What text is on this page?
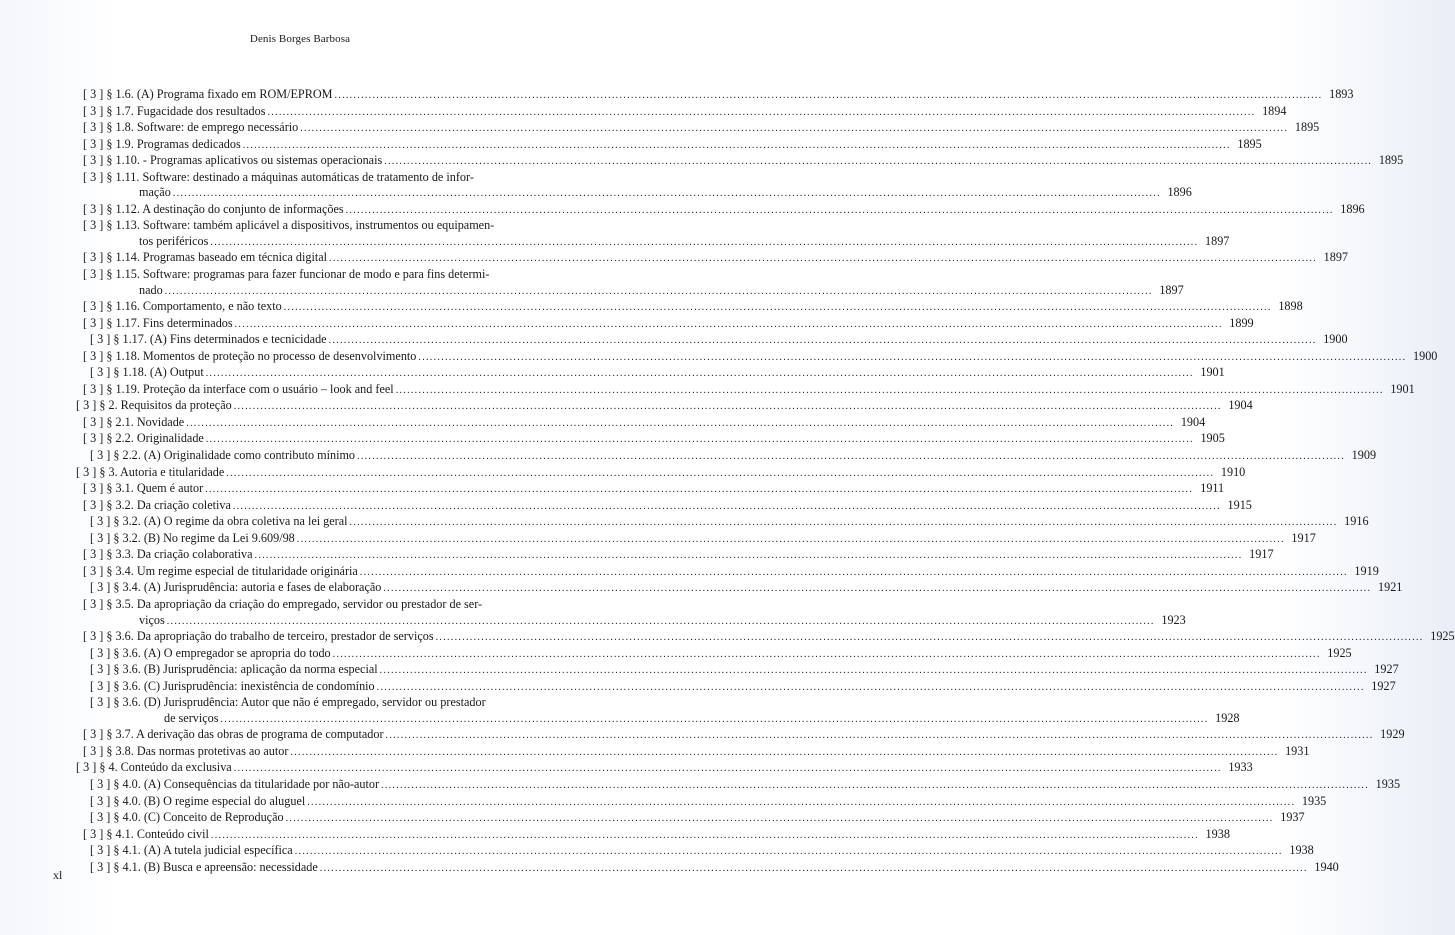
Denis Borges Barbosa
[ 3 ] § 1.6. (A) Programa fixado em ROM/EPROM .....	1893
[ 3 ] § 1.7. Fugacidade dos resultados .....	1894
[ 3 ] § 1.8. Software: de emprego necessário .....	1895
[ 3 ] § 1.9. Programas dedicados .....	1895
[ 3 ] § 1.10. - Programas aplicativos ou sistemas operacionais .....	1895
[ 3 ] § 1.11. Software: destinado a máquinas automáticas de tratamento de infor-
mação .....	1896
[ 3 ] § 1.12. A destinação do conjunto de informações .....	1896
[ 3 ] § 1.13. Software: também aplicável a dispositivos, instrumentos ou equipamen-
tos periféricos .....	1897
[ 3 ] § 1.14. Programas baseado em técnica digital .....	1897
[ 3 ] § 1.15. Software: programas para fazer funcionar de modo e para fins determi-
nado .....	1897
[ 3 ] § 1.16. Comportamento, e não texto .....	1898
[ 3 ] § 1.17. Fins determinados .....	1899
[ 3 ] § 1.17. (A) Fins determinados e tecnicidade .....	1900
[ 3 ] § 1.18. Momentos de proteção no processo de desenvolvimento .....	1900
[ 3 ] § 1.18. (A) Output .....	1901
[ 3 ] § 1.19. Proteção da interface com o usuário – look and feel .....	1901
[ 3 ] § 2. Requisitos da proteção .....	1904
[ 3 ] § 2.1. Novidade .....	1904
[ 3 ] § 2.2. Originalidade .....	1905
[ 3 ] § 2.2. (A) Originalidade como contributo mínimo .....	1909
[ 3 ] § 3. Autoria e titularidade .....	1910
[ 3 ] § 3.1. Quem é autor .....	1911
[ 3 ] § 3.2. Da criação coletiva .....	1915
[ 3 ] § 3.2. (A) O regime da obra coletiva na lei geral .....	1916
[ 3 ] § 3.2. (B) No regime da Lei 9.609/98 .....	1917
[ 3 ] § 3.3. Da criação colaborativa .....	1917
[ 3 ] § 3.4. Um regime especial de titularidade originária .....	1919
[ 3 ] § 3.4. (A) Jurisprudência: autoria e fases de elaboração .....	1921
[ 3 ] § 3.5. Da apropriação da criação do empregado, servidor ou prestador de ser-
viços .....	1923
[ 3 ] § 3.6. Da apropriação do trabalho de terceiro, prestador de serviços .....	1925
[ 3 ] § 3.6. (A) O empregador se apropria do todo .....	1925
[ 3 ] § 3.6. (B) Jurisprudência: aplicação da norma especial .....	1927
[ 3 ] § 3.6. (C) Jurisprudência: inexistência de condomínio .....	1927
[ 3 ] § 3.6. (D) Jurisprudência: Autor que não é empregado, servidor ou prestador
de serviços .....	1928
[ 3 ] § 3.7. A derivação das obras de programa de computador .....	1929
[ 3 ] § 3.8. Das normas protetivas ao autor .....	1931
[ 3 ] § 4. Conteúdo da exclusiva .....	1933
[ 3 ] § 4.0. (A) Consequências da titularidade por não-autor .....	1935
[ 3 ] § 4.0. (B) O regime especial do aluguel .....	1935
[ 3 ] § 4.0. (C) Conceito de Reprodução .....	1937
[ 3 ] § 4.1. Conteúdo civil .....	1938
[ 3 ] § 4.1. (A) A tutela judicial específica .....	1938
[ 3 ] § 4.1. (B) Busca e apreensão: necessidade .....	1940
xl
